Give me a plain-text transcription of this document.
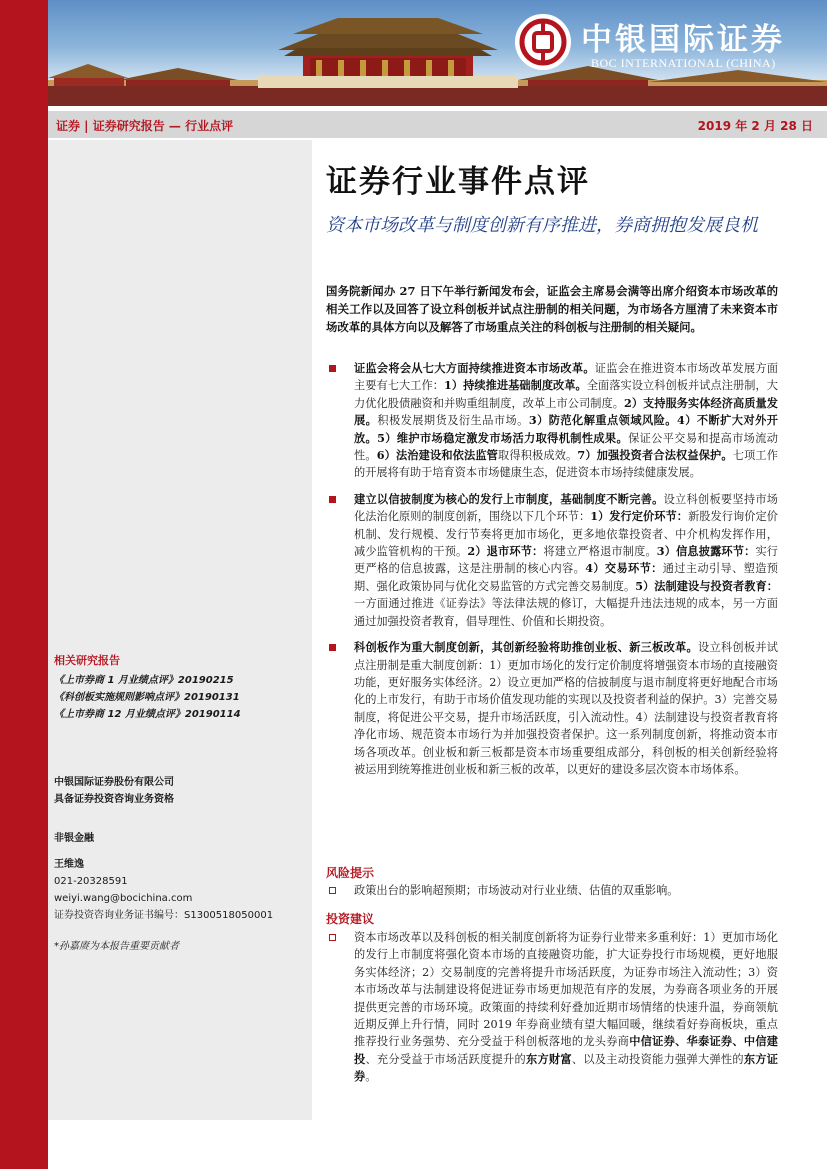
中银国际证券
BOC INTERNATIONAL (CHINA)
证券 | 证券研究报告 — 行业点评	2019 年 2 月 28 日
相关研究报告
《上市券商 1 月业绩点评》20190215
《科创板实施规则影响点评》20190131
《上市券商 12 月业绩点评》20190114
中银国际证券股份有限公司
具备证券投资咨询业务资格
非银金融
王维逸
021-20328591
weiyi.wang@bocichina.com
证券投资咨询业务证书编号：S1300518050001
*孙嘉赓为本报告重要贡献者
证券行业事件点评
资本市场改革与制度创新有序推进，券商拥抱发展良机
国务院新闻办 27 日下午举行新闻发布会，证监会主席易会满等出席介绍资本市场改革的相关工作以及回答了设立科创板并试点注册制的相关问题，为市场各方厘清了未来资本市场改革的具体方向以及解答了市场重点关注的科创板与注册制的相关疑问。
证监会将会从七大方面持续推进资本市场改革。证监会在推进资本市场改革发展方面主要有七大工作：1）持续推进基础制度改革。全面落实设立科创板并试点注册制，大力优化股债融资和并购重组制度，改革上市公司制度。2）支持服务实体经济高质量发展。积极发展期货及衍生品市场。3）防范化解重点领域风险。4）不断扩大对外开放。5）维护市场稳定激发市场活力取得机制性成果。保证公平交易和提高市场流动性。6）法治建设和依法监管取得积极成效。7）加强投资者合法权益保护。七项工作的开展将有助于培育资本市场健康生态，促进资本市场持续健康发展。
建立以信披制度为核心的发行上市制度，基础制度不断完善。设立科创板要坚持市场化法治化原则的制度创新，围绕以下几个环节：1）发行定价环节：新股发行询价定价机制、发行规模、发行节奏将更加市场化，更多地依靠投资者、中介机构发挥作用，减少监管机构的干预。2）退市环节：将建立严格退市制度。3）信息披露环节：实行更严格的信息披露，这是注册制的核心内容。4）交易环节：通过主动引导、塑造预期、强化政策协同与优化交易监管的方式完善交易制度。5）法制建设与投资者教育：一方面通过推进《证券法》等法律法规的修订，大幅提升违法违规的成本，另一方面通过加强投资者教育，倡导理性、价值和长期投资。
科创板作为重大制度创新，其创新经验将助推创业板、新三板改革。设立科创板并试点注册制是重大制度创新：1）更加市场化的发行定价制度将增强资本市场的直接融资功能，更好服务实体经济。2）设立更加严格的信披制度与退市制度将更好地配合市场化的上市发行，有助于市场价值发现功能的实现以及投资者利益的保护。3）完善交易制度，将促进公平交易，提升市场活跃度，引入流动性。4）法制建设与投资者教育将净化市场、规范资本市场行为并加强投资者保护。这一系列制度创新，将推动资本市场各项改革。创业板和新三板都是资本市场重要组成部分，科创板的相关创新经验将被运用到统筹推进创业板和新三板的改革，以更好的建设多层次资本市场体系。
风险提示
政策出台的影响超预期；市场波动对行业业绩、估值的双重影响。
投资建议
资本市场改革以及科创板的相关制度创新将为证券行业带来多重利好：1）更加市场化的发行上市制度将强化资本市场的直接融资功能，扩大证券投行市场规模，更好地服务实体经济；2）交易制度的完善将提升市场活跃度，为证券市场注入流动性；3）资本市场改革与法制建设将促进证券市场更加规范有序的发展，为券商各项业务的开展提供更完善的市场环境。政策面的持续利好叠加近期市场情绪的快速升温，券商领航近期反弹上升行情，同时 2019 年券商业绩有望大幅回暖，继续看好券商板块，重点推荐投行业务强势、充分受益于科创板落地的龙头券商中信证券、华泰证券、中信建投、充分受益于市场活跃度提升的东方财富、以及主动投资能力强弹大弹性的东方证券。
